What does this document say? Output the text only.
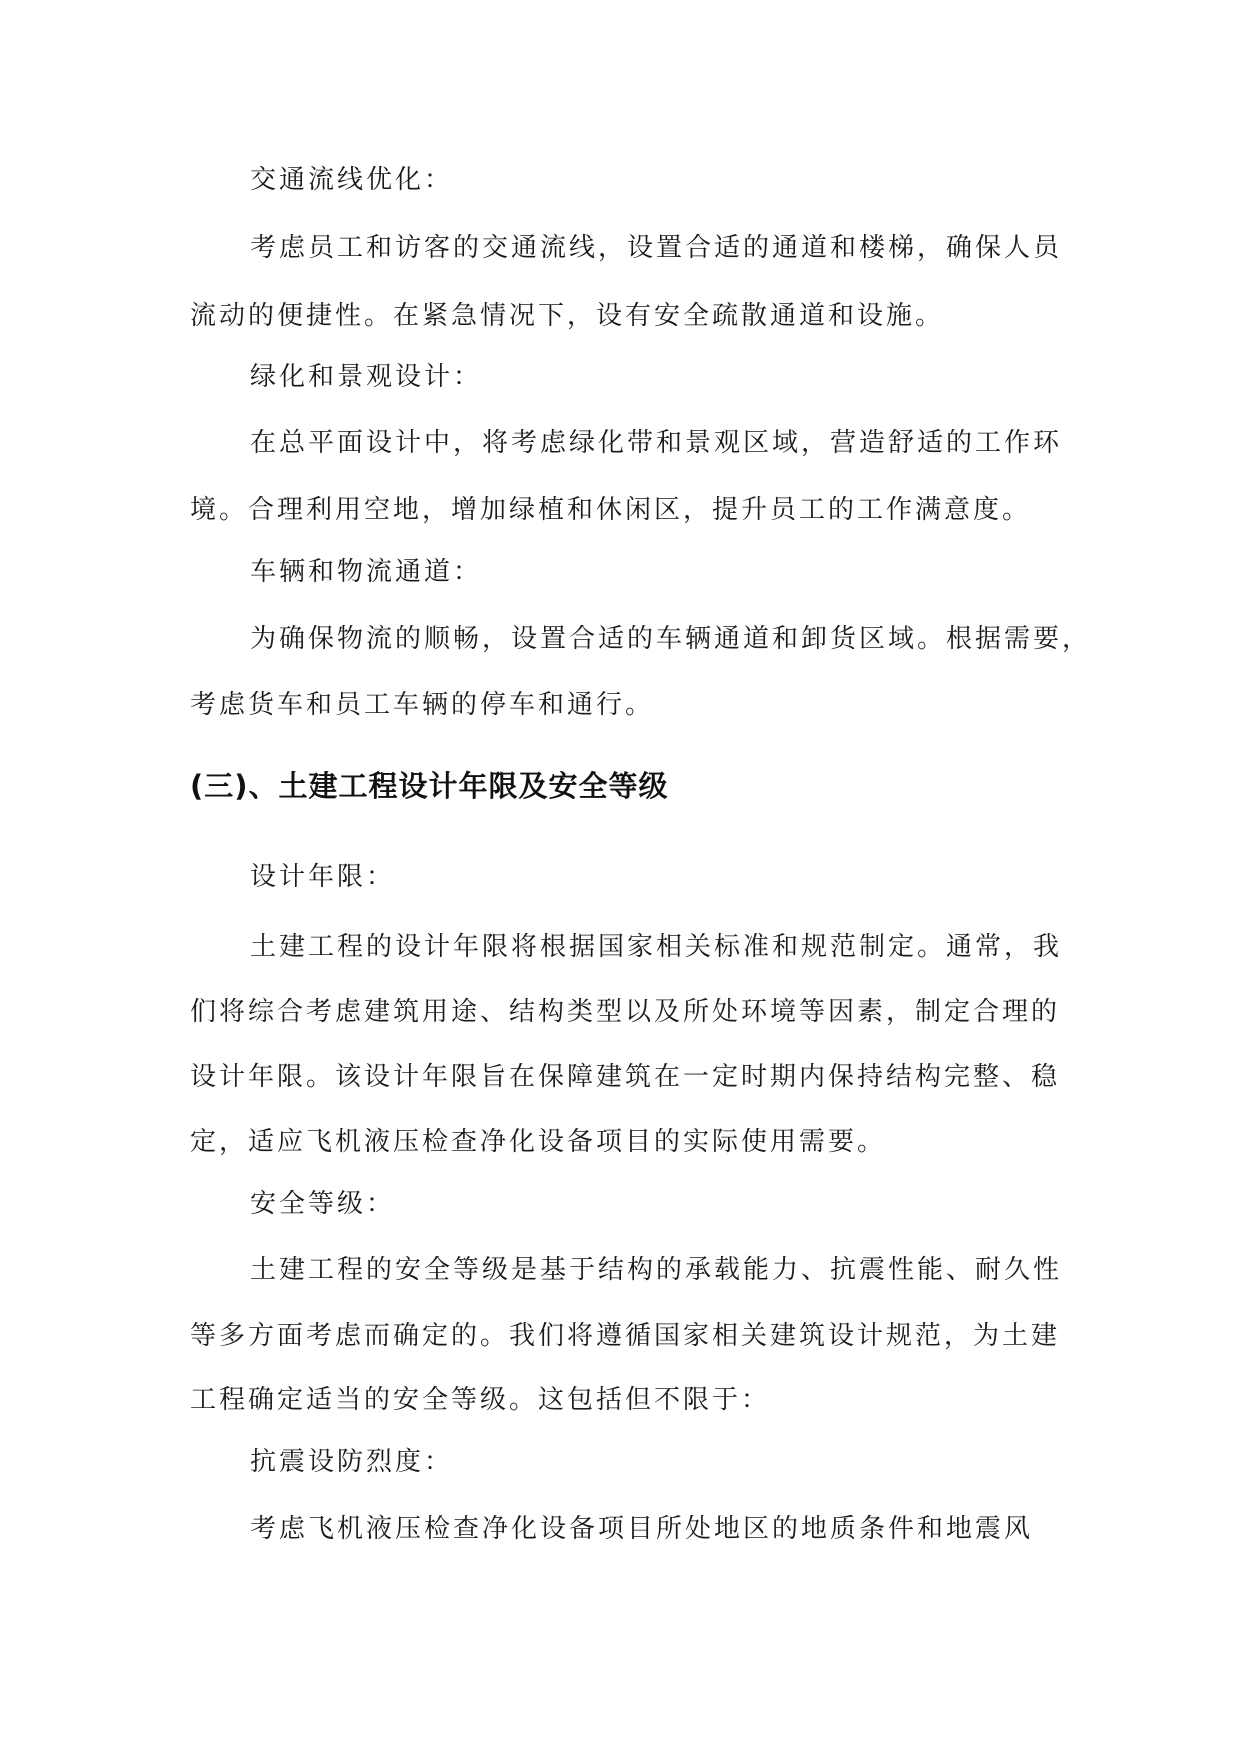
交通流线优化：
考虑员工和访客的交通流线，设置合适的通道和楼梯，确保人员
流动的便捷性。在紧急情况下，设有安全疏散通道和设施。
绿化和景观设计：
在总平面设计中，将考虑绿化带和景观区域，营造舒适的工作环
境。合理利用空地，增加绿植和休闲区，提升员工的工作满意度。
车辆和物流通道：
为确保物流的顺畅，设置合适的车辆通道和卸货区域。根据需要，
考虑货车和员工车辆的停车和通行。
(三)、土建工程设计年限及安全等级
设计年限：
土建工程的设计年限将根据国家相关标准和规范制定。通常，我
们将综合考虑建筑用途、结构类型以及所处环境等因素，制定合理的
设计年限。该设计年限旨在保障建筑在一定时期内保持结构完整、稳
定，适应飞机液压检查净化设备项目的实际使用需要。
安全等级：
土建工程的安全等级是基于结构的承载能力、抗震性能、耐久性
等多方面考虑而确定的。我们将遵循国家相关建筑设计规范，为土建
工程确定适当的安全等级。这包括但不限于：
抗震设防烈度：
考虑飞机液压检查净化设备项目所处地区的地质条件和地震风
